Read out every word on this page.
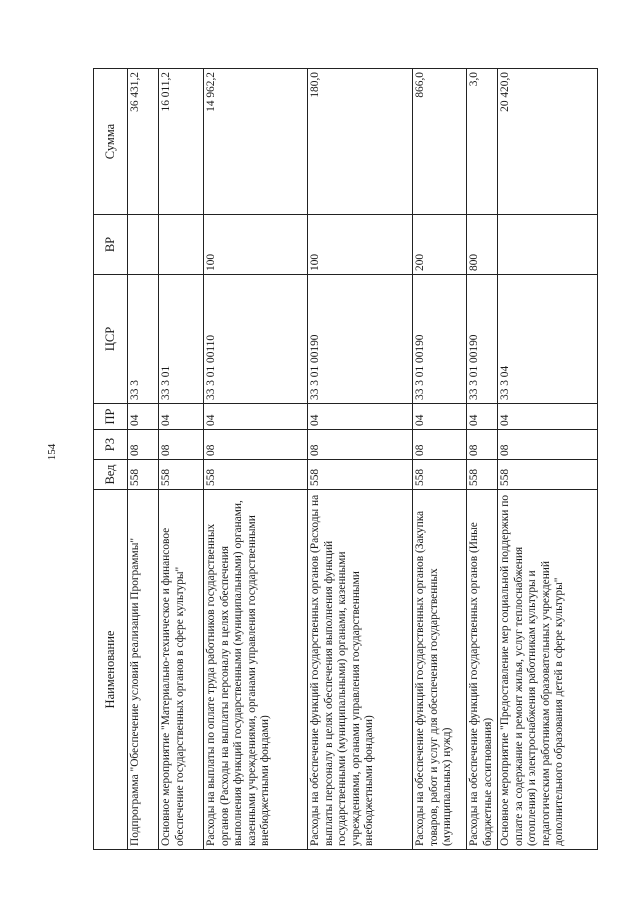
154
Наименование	Вед	РЗ	ПР	ЦСР	ВР	Сумма
Подпрограмма "Обеспечение условий реализации Программы"	558	08	04	33 3		36 431,2
Основное мероприятие "Материально-техническое и финансовое обеспечение государственных органов в сфере культуры"	558	08	04	33 3 01		16 011,2
Расходы на выплаты по оплате труда работников государственных органов (Расходы на выплаты персоналу в целях обеспечения выполнения функций государственными (муниципальными) органами, казенными учреждениями, органами управления государственными внебюджетными фондами)	558	08	04	33 3 01 00110	100	14 962,2
Расходы на обеспечение функций государственных органов (Расходы на выплаты персоналу в целях обеспечения выполнения функций государственными (муниципальными) органами, казенными учреждениями, органами управления государственными внебюджетными фондами)	558	08	04	33 3 01 00190	100	180,0
Расходы на обеспечение функций государственных органов (Закупка товаров, работ и услуг для обеспечения государственных (муниципальных) нужд)	558	08	04	33 3 01 00190	200	866,0
Расходы на обеспечение функций государственных органов (Иные бюджетные ассигнования)	558	08	04	33 3 01 00190	800	3,0
Основное мероприятие "Предоставление мер социальной поддержки по оплате за содержание и ремонт жилья, услуг теплоснабжения (отопления) и электроснабжения работникам культуры и педагогическим работникам образовательных учреждений дополнительного образования детей в сфере культуры"	558	08	04	33 3 04		20 420,0
